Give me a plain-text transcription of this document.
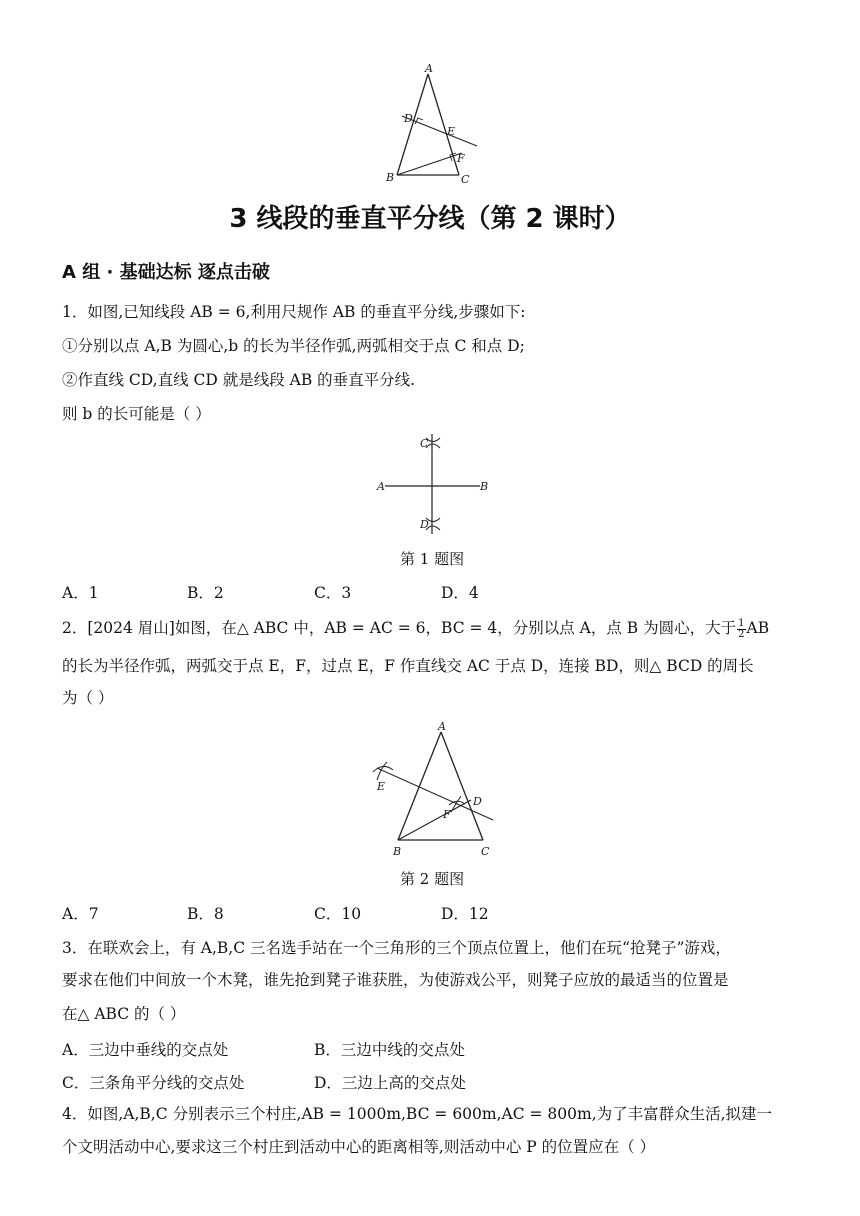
A
D
E
F
B	C
3 线段的垂直平分线（第 2 课时）
A 组 · 基础达标 逐点击破
1．如图,已知线段 AB = 6,利用尺规作 AB 的垂直平分线,步骤如下:
①分别以点 A,B 为圆心,b 的长为半径作弧,两弧相交于点 C 和点 D;
②作直线 CD,直线 CD 就是线段 AB 的垂直平分线.
则 b 的长可能是（ ）
C
D
A	B
第 1 题图
A．1	B．2	C．3	D．4
2．[2024 眉山]如图，在△ ABC 中，AB = AC = 6，BC = 4，分别以点 A，点 B 为圆心，大于 $\frac{1}{2}$ AB
的长为半径作弧，两弧交于点 E，F，过点 E，F 作直线交 AC 于点 D，连接 BD，则△ BCD 的周长
为（ ）
A
E
D
F
B	C
第 2 题图
A．7	B．8	C．10	D．12
3．在联欢会上，有 A,B,C 三名选手站在一个三角形的三个顶点位置上，他们在玩“抢凳子”游戏，
要求在他们中间放一个木凳，谁先抢到凳子谁获胜，为使游戏公平，则凳子应放的最适当的位置是
在△ ABC 的（ ）
A．三边中垂线的交点处	B．三边中线的交点处
C．三条角平分线的交点处	D．三边上高的交点处
4．如图,A,B,C 分别表示三个村庄,AB = 1000m,BC = 600m,AC = 800m,为了丰富群众生活,拟建一
个文明活动中心,要求这三个村庄到活动中心的距离相等,则活动中心 P 的位置应在（ ）
